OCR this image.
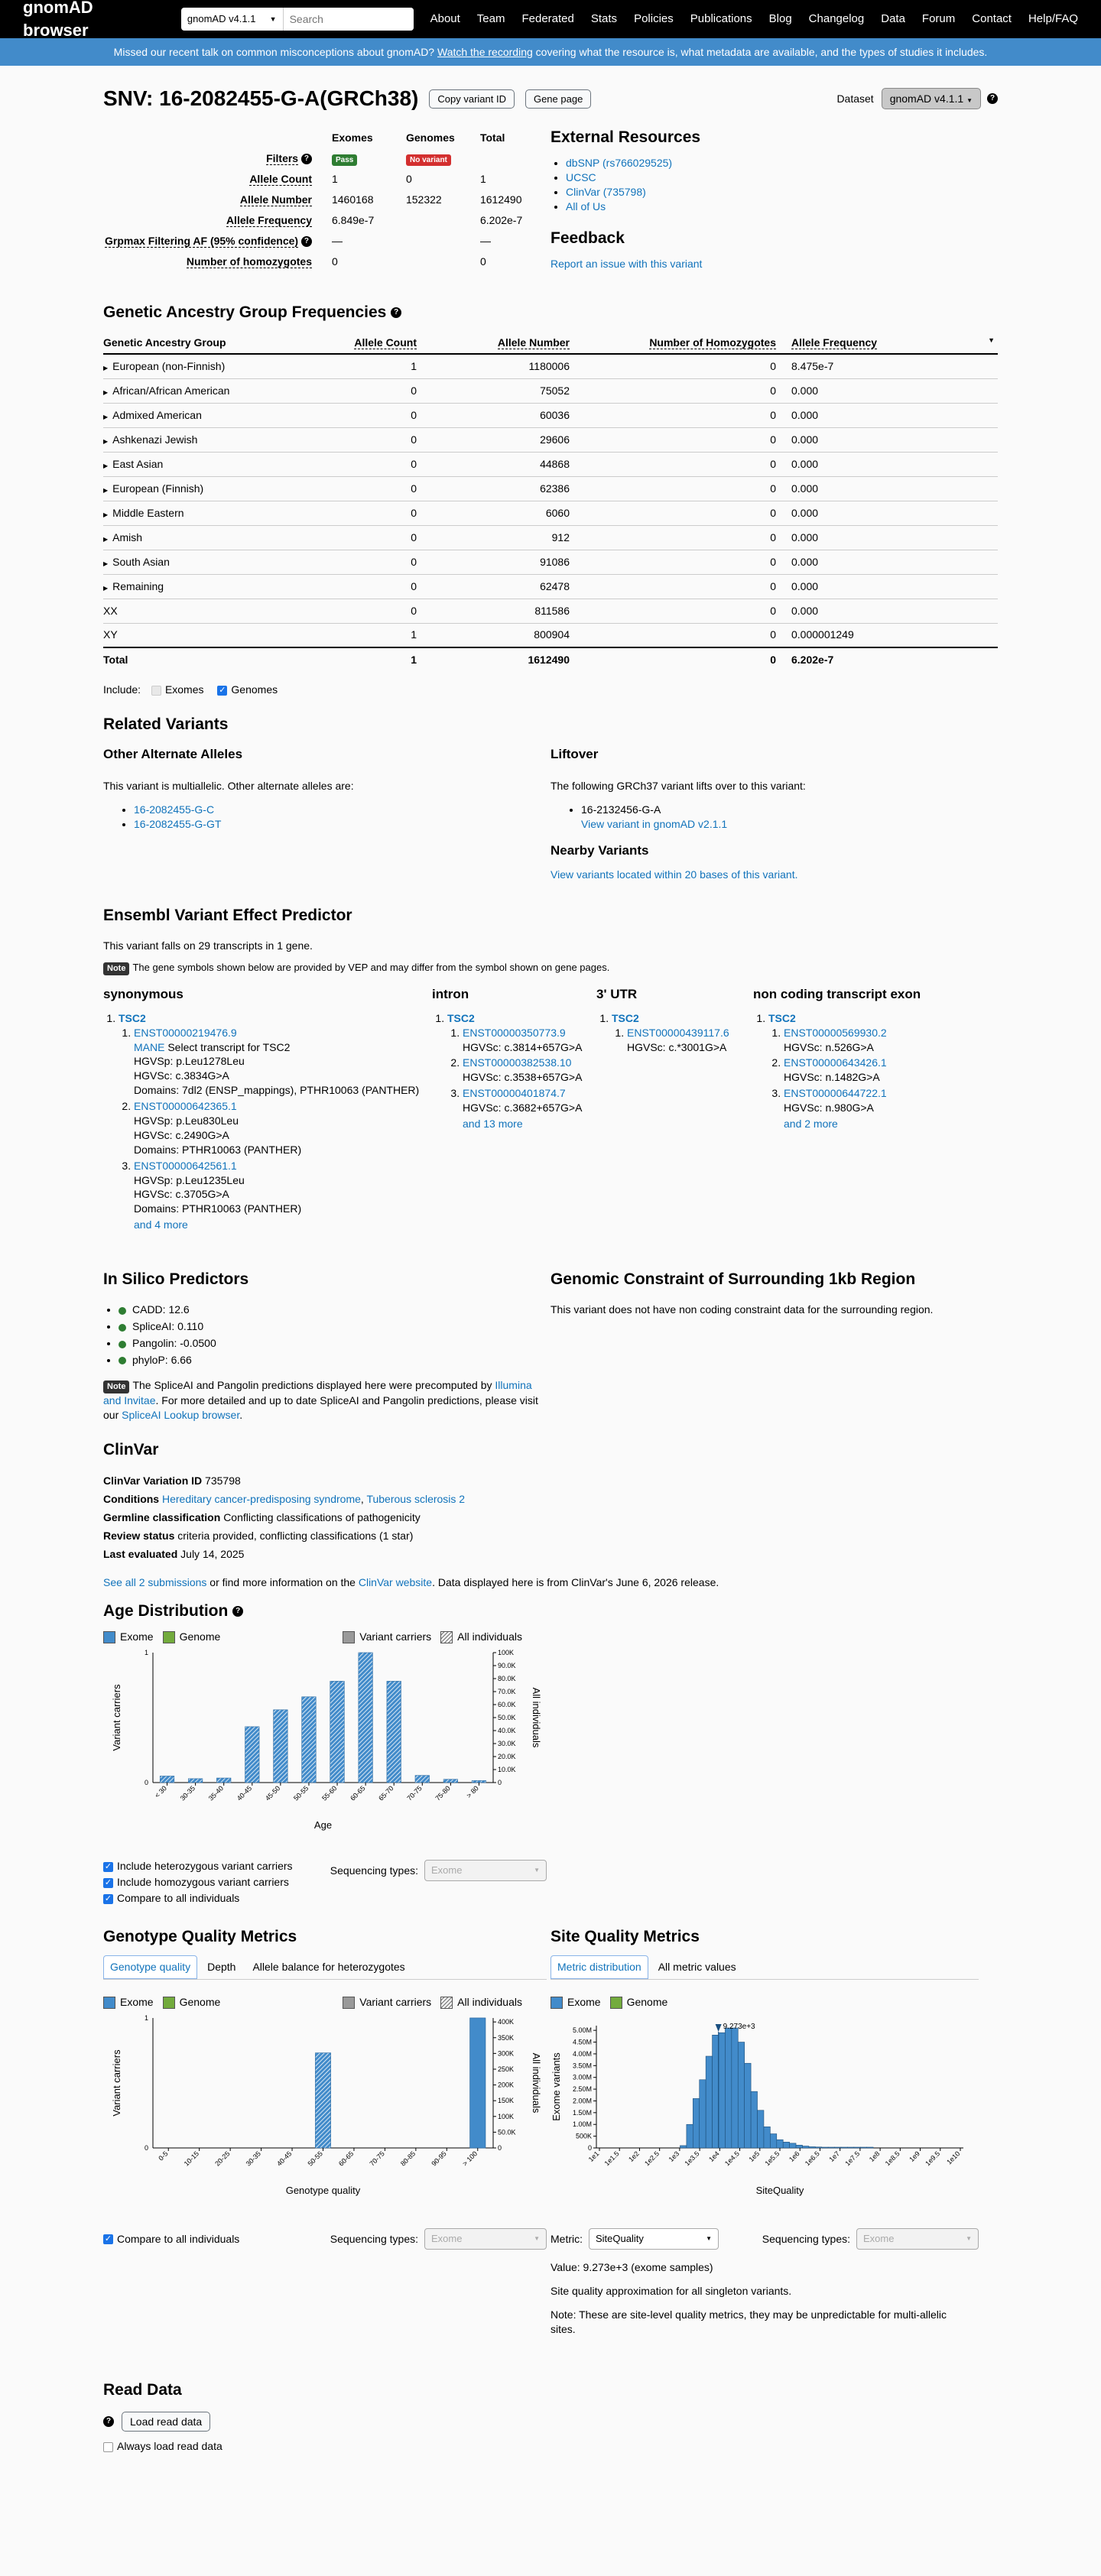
gnomAD browser
gnomAD v4.1.1 ▼
Search	About Team Federated Stats Policies Publications Blog Changelog Data Forum Contact Help/FAQ
Missed our recent talk on common misconceptions about gnomAD? Watch the recording covering what the resource is, what metadata are available, and the types of studies it includes.
SNV: 16-2082455-G-A(GRCh38)	Copy variant ID	Gene page	Dataset	gnomAD v4.1.1 ▼	?
	Exomes	Genomes	Total
Filters ?	Pass	No variant	
Allele Count	1	0	1
Allele Number	1460168	152322	1612490
Allele Frequency	6.849e-7		6.202e-7
Grpmax Filtering AF (95% confidence) ?	—		—
Number of homozygotes	0		0
External Resources
• dbSNP (rs766029525)
• UCSC
• ClinVar (735798)
• All of Us
Feedback
Report an issue with this variant
Genetic Ancestry Group Frequencies ?
Genetic Ancestry Group	Allele Count	Allele Number	Number of Homozygotes	Allele Frequency ▼

▶ European (non-Finnish)	1	1180006	0	8.475e-7
▶ African/African American	0	75052	0	0.000
▶ Admixed American	0	60036	0	0.000
▶ Ashkenazi Jewish	0	29606	0	0.000
▶ East Asian	0	44868	0	0.000
▶ European (Finnish)	0	62386	0	0.000
▶ Middle Eastern	0	6060	0	0.000
▶ Amish	0	912	0	0.000
▶ South Asian	0	91086	0	0.000
▶ Remaining	0	62478	0	0.000
XX	0	811586	0	0.000
XY	1	800904	0	0.000001249
Total	1	1612490	0	6.202e-7
Include: Exomes ✓ Genomes
Related Variants
Other Alternate Alleles

This variant is multiallelic. Other alternate alleles are:

• 16-2082455-G-C
• 16-2082455-G-GT
Liftover

The following GRCh37 variant lifts over to this variant:

• 16-2132456-G-A
View variant in gnomAD v2.1.1
Nearby Variants
View variants located within 20 bases of this variant.
Ensembl Variant Effect Predictor

This variant falls on 29 transcripts in 1 gene.

Note The gene symbols shown below are provided by VEP and may differ from the symbol shown on gene pages.

synonymous
1. TSC2
1. ENST00000219476.9
MANE Select transcript for TSC2
HGVSp: p.Leu1278Leu
HGVSc: c.3834G>A
Domains: 7dl2 (ENSP_mappings), PTHR10063 (PANTHER)
2. ENST00000642365.1
HGVSp: p.Leu830Leu
HGVSc: c.2490G>A
Domains: PTHR10063 (PANTHER)
3. ENST00000642561.1
HGVSp: p.Leu1235Leu
HGVSc: c.3705G>A
Domains: PTHR10063 (PANTHER)
and 4 more
intron
1. TSC2
1. ENST00000350773.9
HGVSc: c.3814+657G>A
2. ENST00000382538.10
HGVSc: c.3538+657G>A
3. ENST00000401874.7
HGVSc: c.3682+657G>A
and 13 more
3' UTR
1. TSC2
1. ENST00000439117.6
HGVSc: c.*3001G>A
non coding transcript exon
1. TSC2
1. ENST00000569930.2
HGVSc: n.526G>A
2. ENST00000643426.1
HGVSc: n.1482G>A
3. ENST00000644722.1
HGVSc: n.980G>A
and 2 more
In Silico Predictors
• CADD: 12.6
• SpliceAI: 0.110
• Pangolin: -0.0500
• phyloP: 6.66

Note The SpliceAI and Pangolin predictions displayed here were precomputed by Illumina and Invitae. For more detailed and up to date SpliceAI and Pangolin predictions, please visit our SpliceAI Lookup browser.

Genomic Constraint of Surrounding 1kb Region

This variant does not have non coding constraint data for the surrounding region.

ClinVar
ClinVar Variation ID 735798
Conditions Hereditary cancer-predisposing syndrome, Tuberous sclerosis 2
Germline classification Conflicting classifications of pathogenicity
Review status criteria provided, conflicting classifications (1 star)
Last evaluated July 14, 2025

See all 2 submissions or find more information on the ClinVar website. Data displayed here is from ClinVar's June 6, 2026 release.

Age Distribution ?
Exome Genome	Variant carriers All individuals
0
1
0
10.0K
20.0K
30.0K
40.0K
50.0K
60.0K
70.0K
80.0K
90.0K
100K
< 30 30-35 35-40 40-45 45-50 50-55 55-60 60-65 65-70 70-75 75-80 > 80
Age
Variant carriers	All individuals
✓ Include heterozygous variant carriers
✓ Include homozygous variant carriers
✓ Compare to all individuals
Sequencing types: Exome	▼
Genotype Quality Metrics
Genotype quality	Depth	Allele balance for heterozygotes
Exome Genome	Variant carriers All individuals
0
1
0
50.0K
100K
150K
200K
250K
300K
350K
400K
0-5 10-15 20-25 30-35 40-45 50-55 60-65 70-75 80-85 90-95 > 100
Genotype quality
Variant carriers	All individuals
✓ Compare to all individuals	Sequencing types: Exome	▼
Site Quality Metrics
Metric distribution	All metric values
Exome Genome
0
500K
1.00M
1.50M
2.00M
2.50M
3.00M
3.50M
4.00M
4.50M
5.00M
1e1 1e1.5 1e2 1e2.5 1e3 1e3.5 1e4 1e4.5 1e5 1e5.5 1e6 1e6.5 1e7 1e7.5 1e8 1e8.5 1e9 1e9.5 1e10
9.273e+3
SiteQuality
Exome variants
Metric: SiteQuality	▼	Sequencing types: Exome	▼

Value: 9.273e+3 (exome samples)

Site quality approximation for all singleton variants.

Note: These are site-level quality metrics, they may be unpredictable for multi-allelic sites.

Read Data
?	Load read data
Always load read data
